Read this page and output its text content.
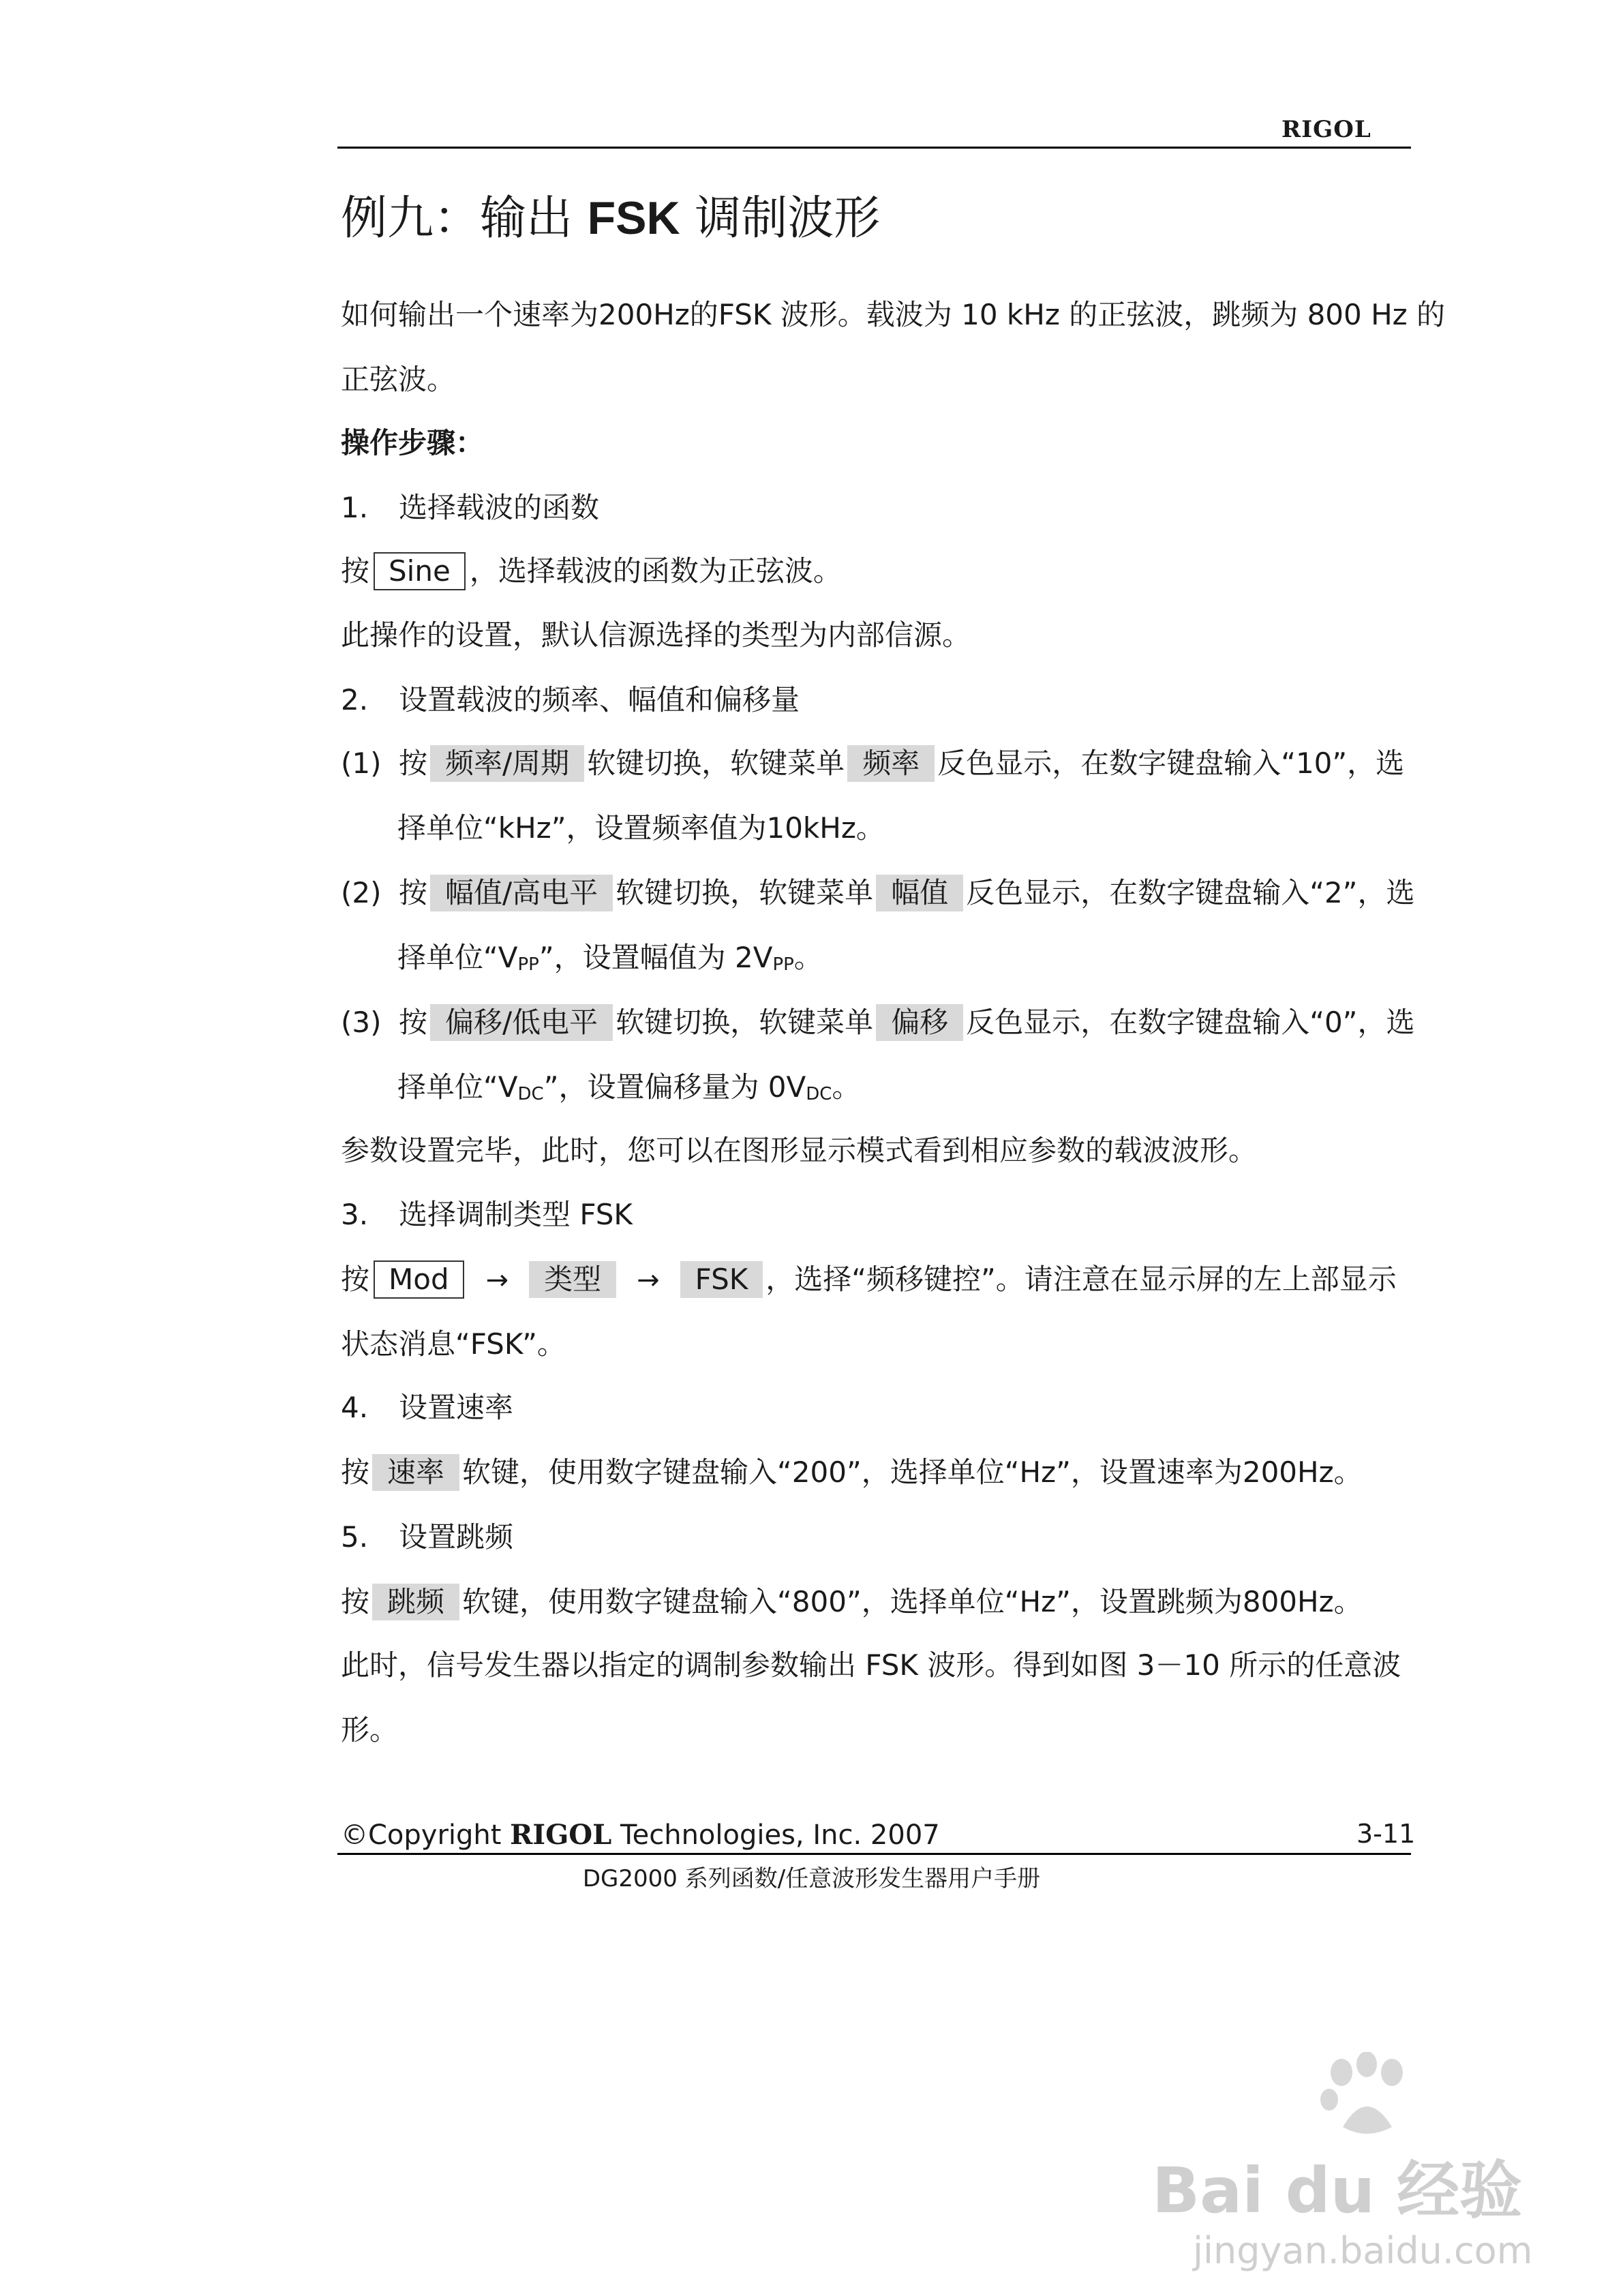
RIGOL
例九：输出 FSK 调制波形
如何输出一个速率为200Hz的FSK 波形。载波为 10 kHz 的正弦波，跳频为 800 Hz 的
正弦波。
操作步骤：
1. 选择载波的函数
按 Sine ，选择载波的函数为正弦波。
此操作的设置，默认信源选择的类型为内部信源。
2. 设置载波的频率、幅值和偏移量
(1) 按 频率/周期 软键切换，软键菜单 频率 反色显示，在数字键盘输入“10”，选
择单位“kHz”，设置频率值为10kHz。
(2) 按 幅值/高电平 软键切换，软键菜单 幅值 反色显示，在数字键盘输入“2”，选
择单位“$V_{PP}$”，设置幅值为 $2V_{PP}$。
(3) 按 偏移/低电平 软键切换，软键菜单 偏移 反色显示，在数字键盘输入“0”，选
择单位“$V_{DC}$”，设置偏移量为 $0V_{DC}$。
参数设置完毕，此时，您可以在图形显示模式看到相应参数的载波波形。
3. 选择调制类型 FSK
按 Mod → 类型 → FSK ，选择“频移键控”。请注意在显示屏的左上部显示
状态消息“FSK”。
4. 设置速率
按 速率 软键，使用数字键盘输入“200”，选择单位“Hz”，设置速率为200Hz。
5. 设置跳频
按 跳频 软键，使用数字键盘输入“800”，选择单位“Hz”，设置跳频为800Hz。
此时，信号发生器以指定的调制参数输出 FSK 波形。得到如图 3－10 所示的任意波
形。
©Copyright RIGOL Technologies, Inc. 2007	3-11
DG2000 系列函数/任意波形发生器用户手册
Bai du 经验
jingyan.baidu.com
